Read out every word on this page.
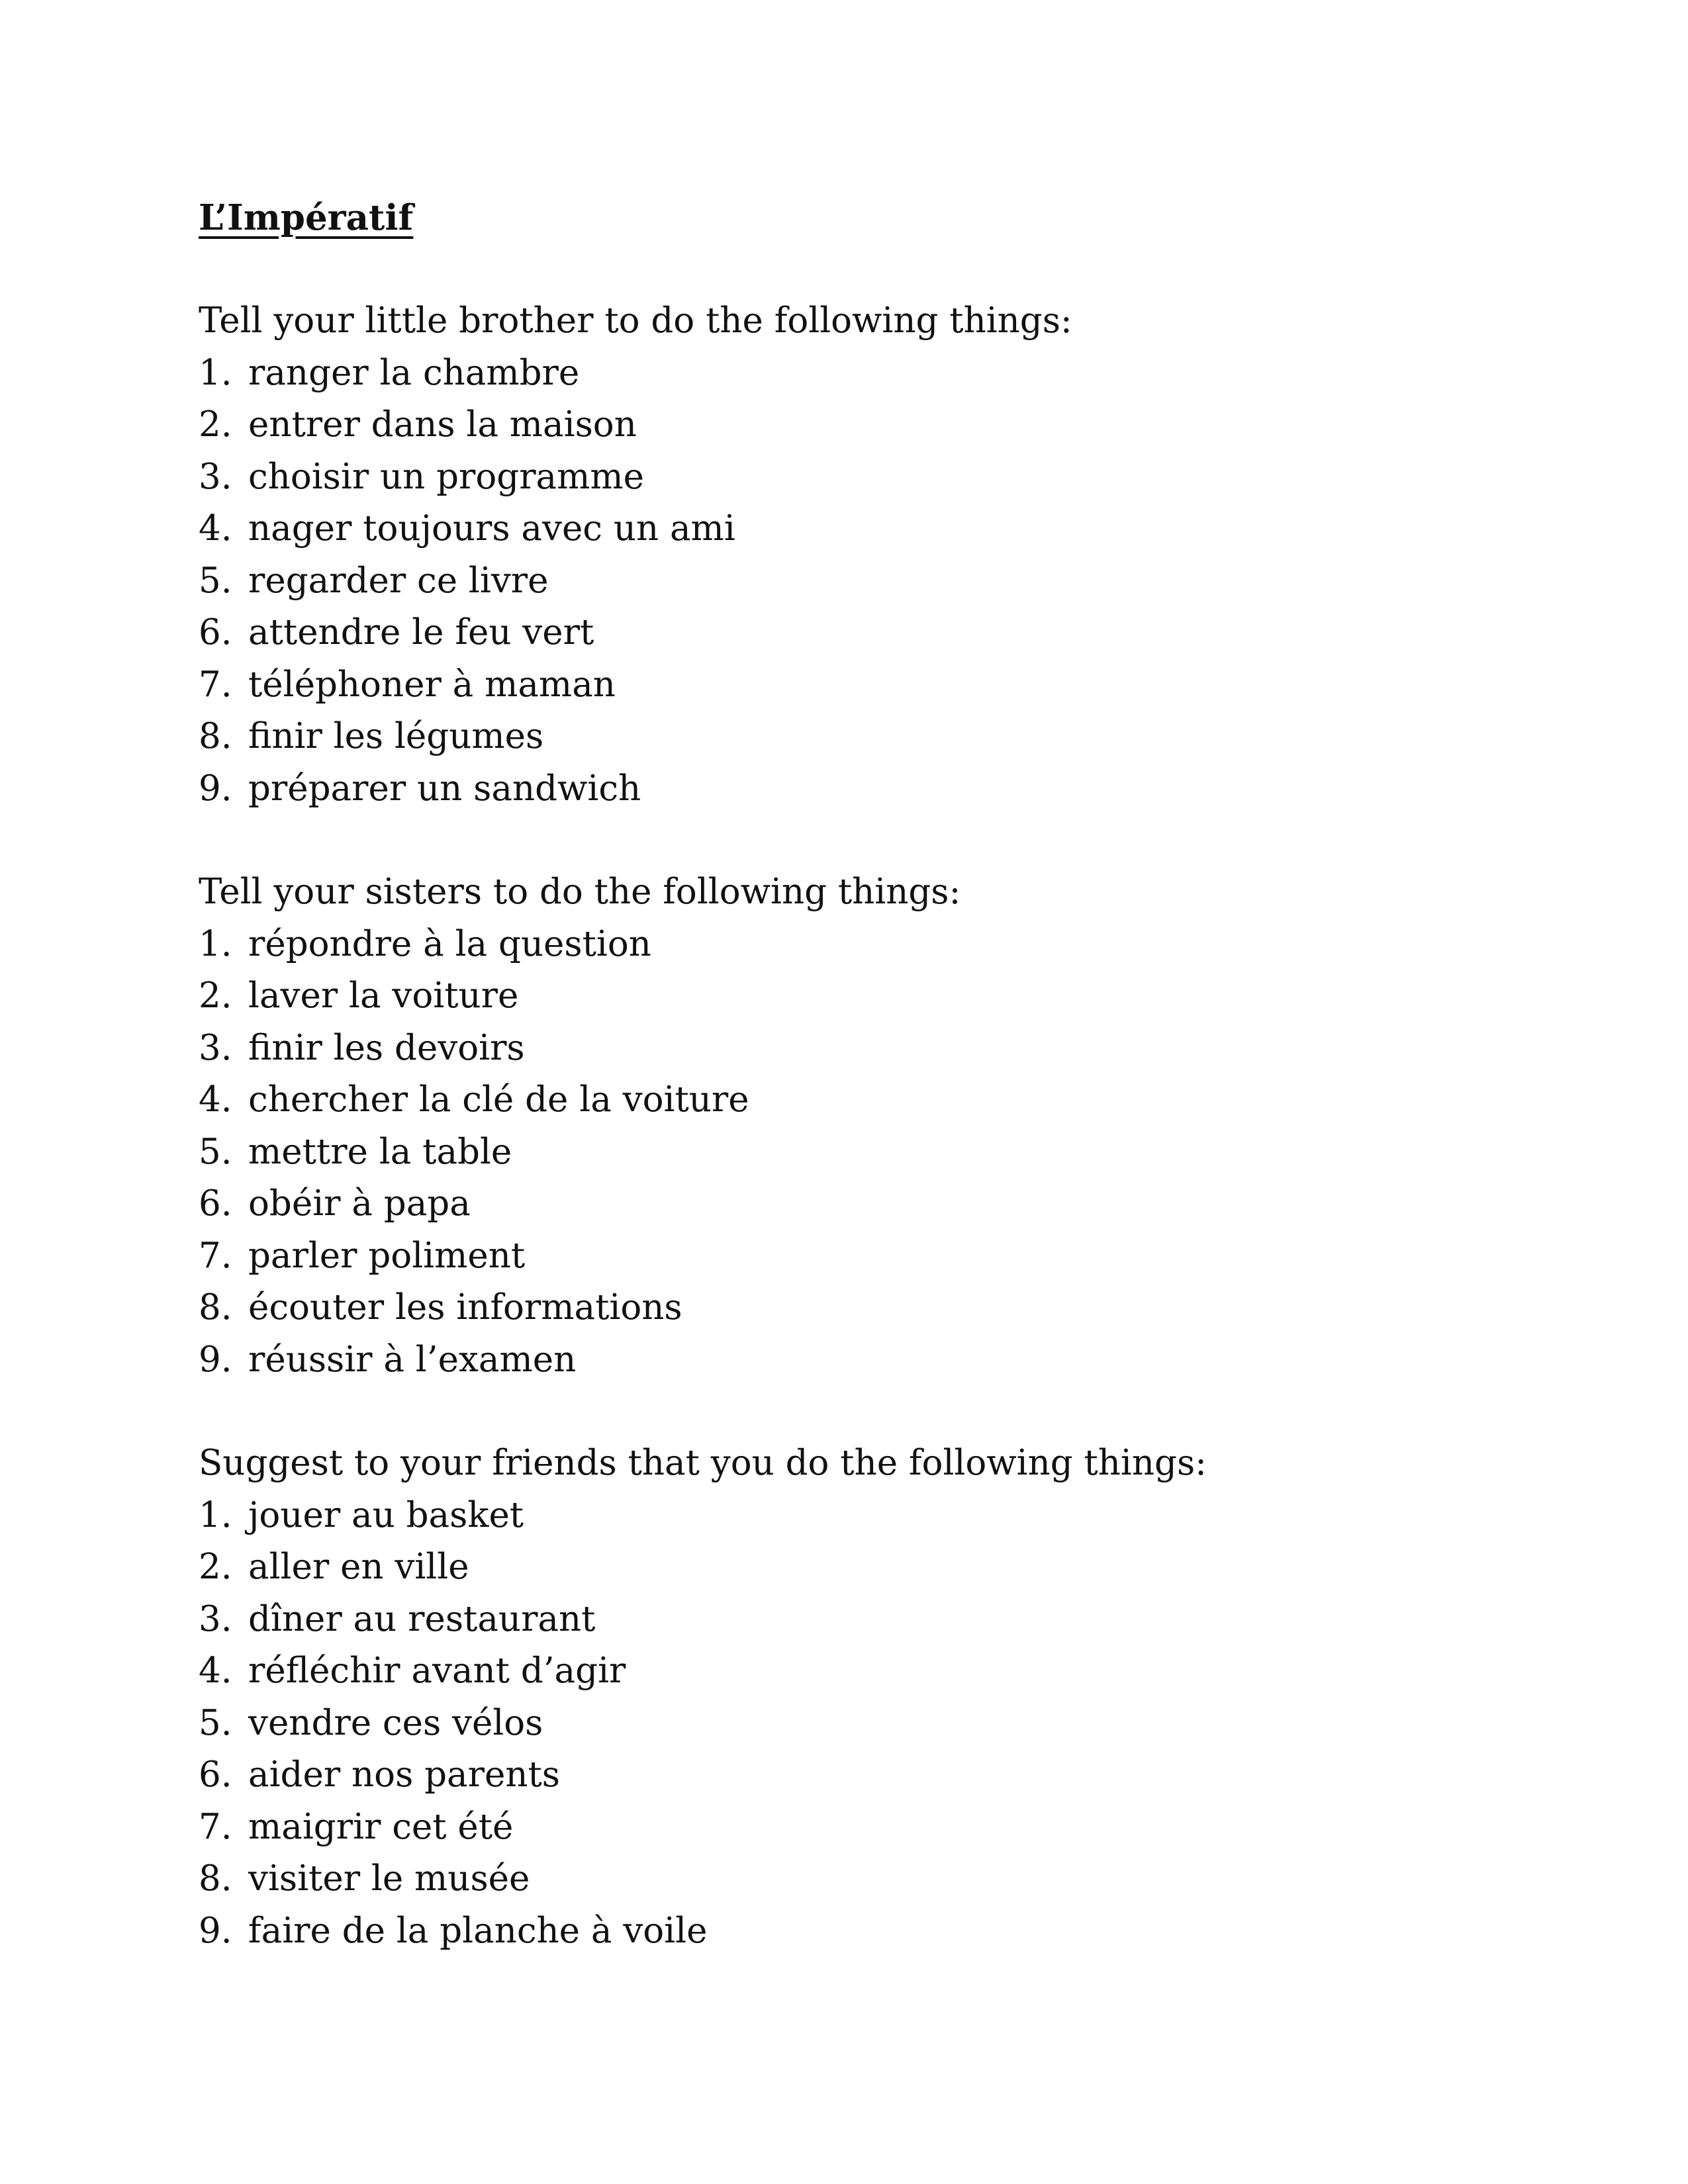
L’Impératif

Tell your little brother to do the following things:

1. ranger la chambre
2. entrer dans la maison
3. choisir un programme
4. nager toujours avec un ami
5. regarder ce livre
6. attendre le feu vert
7. téléphoner à maman
8. finir les légumes
9. préparer un sandwich

Tell your sisters to do the following things:

1. répondre à la question
2. laver la voiture
3. finir les devoirs
4. chercher la clé de la voiture
5. mettre la table
6. obéir à papa
7. parler poliment
8. écouter les informations
9. réussir à l’examen

Suggest to your friends that you do the following things:

1. jouer au basket
2. aller en ville
3. dîner au restaurant
4. réfléchir avant d’agir
5. vendre ces vélos
6. aider nos parents
7. maigrir cet été
8. visiter le musée
9. faire de la planche à voile
